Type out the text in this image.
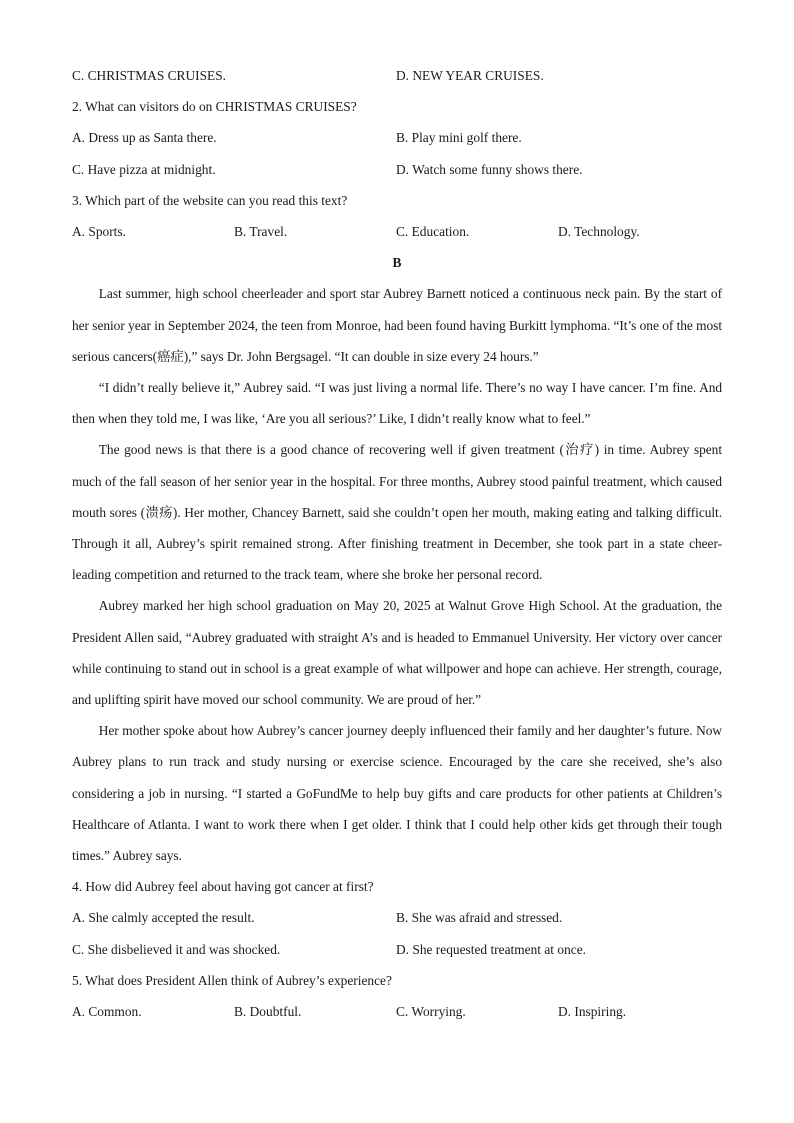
C. CHRISTMAS CRUISES.	D. NEW YEAR CRUISES.
2. What can visitors do on CHRISTMAS CRUISES?
A. Dress up as Santa there.	B. Play mini golf there.
C. Have pizza at midnight.	D. Watch some funny shows there.
3. Which part of the website can you read this text?
A. Sports.	B. Travel.	C. Education.	D. Technology.
B

Last summer, high school cheerleader and sport star Aubrey Barnett noticed a continuous neck pain. By the start of her senior year in September 2024, the teen from Monroe, had been found having Burkitt lymphoma. “It’s one of the most serious cancers(癌症),” says Dr. John Bergsagel. “It can double in size every 24 hours.”

“I didn’t really believe it,” Aubrey said. “I was just living a normal life. There’s no way I have cancer. I’m fine. And then when they told me, I was like, ‘Are you all serious?’ Like, I didn’t really know what to feel.”

The good news is that there is a good chance of recovering well if given treatment (治疗) in time. Aubrey spent much of the fall season of her senior year in the hospital. For three months, Aubrey stood painful treatment, which caused mouth sores (溃疡). Her mother, Chancey Barnett, said she couldn’t open her mouth, making eating and talking difficult. Through it all, Aubrey’s spirit remained strong. After finishing treatment in December, she took part in a state cheer-leading competition and returned to the track team, where she broke her personal record.

Aubrey marked her high school graduation on May 20, 2025 at Walnut Grove High School. At the graduation, the President Allen said, “Aubrey graduated with straight A’s and is headed to Emmanuel University. Her victory over cancer while continuing to stand out in school is a great example of what willpower and hope can achieve. Her strength, courage, and uplifting spirit have moved our school community. We are proud of her.”

Her mother spoke about how Aubrey’s cancer journey deeply influenced their family and her daughter’s future. Now Aubrey plans to run track and study nursing or exercise science. Encouraged by the care she received, she’s also considering a job in nursing. “I started a GoFundMe to help buy gifts and care products for other patients at Children’s Healthcare of Atlanta. I want to work there when I get older. I think that I could help other kids get through their tough times.” Aubrey says.

4. How did Aubrey feel about having got cancer at first?
A. She calmly accepted the result.	B. She was afraid and stressed.
C. She disbelieved it and was shocked.	D. She requested treatment at once.
5. What does President Allen think of Aubrey’s experience?
A. Common.	B. Doubtful.	C. Worrying.	D. Inspiring.
